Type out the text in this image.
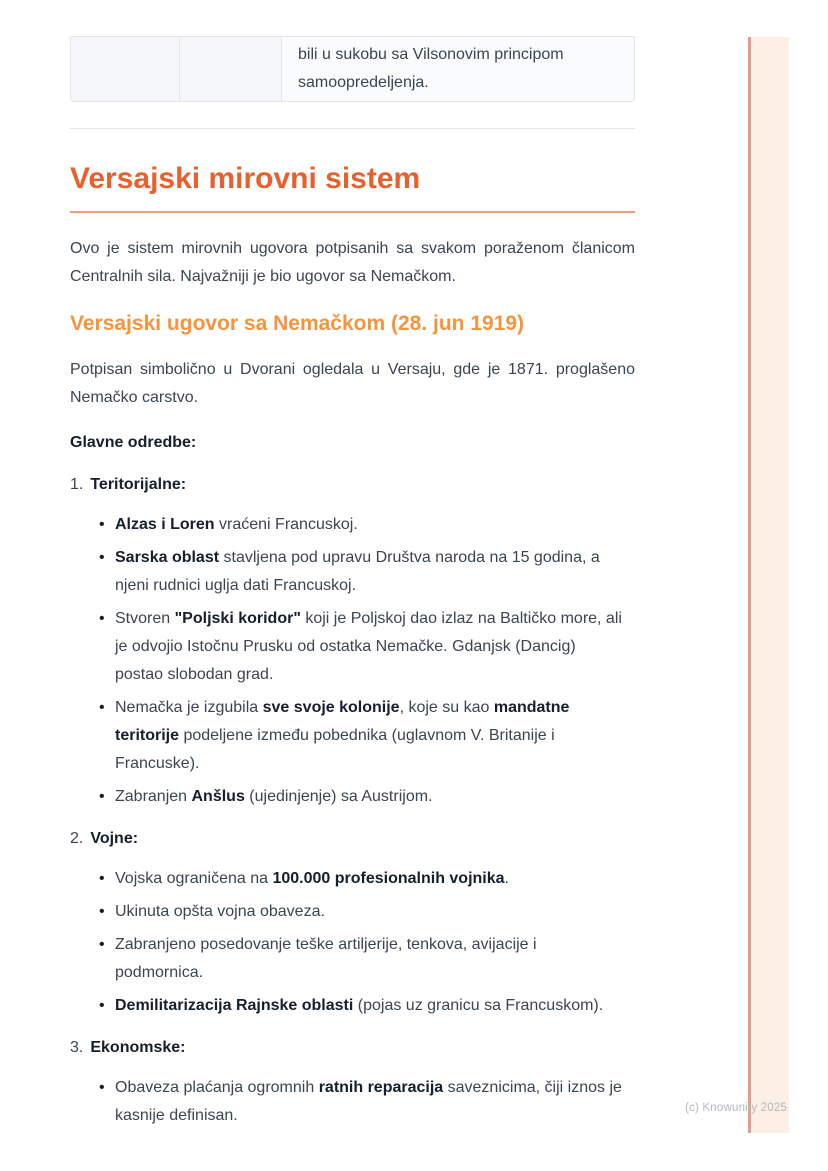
(c) Knowunity 2025
bili u sukobu sa Vilsonovim principom samoopredeljenja.
Versajski mirovni sistem

Ovo je sistem mirovnih ugovora potpisanih sa svakom poraženom članicom Centralnih sila. Najvažniji je bio ugovor sa Nemačkom.

Versajski ugovor sa Nemačkom (28. jun 1919)

Potpisan simbolično u Dvorani ogledala u Versaju, gde je 1871. proglašeno Nemačko carstvo.

Glavne odredbe:

1. Teritorijalne:
• Alzas i Loren vraćeni Francuskoj.
• Sarska oblast stavljena pod upravu Društva naroda na 15 godina, a njeni rudnici uglja dati Francuskoj.
• Stvoren "Poljski koridor" koji je Poljskoj dao izlaz na Baltičko more, ali je odvojio Istočnu Prusku od ostatka Nemačke. Gdanjsk (Dancig) postao slobodan grad.
• Nemačka je izgubila sve svoje kolonije, koje su kao mandatne teritorije podeljene između pobednika (uglavnom V. Britanije i Francuske).
• Zabranjen Anšlus (ujedinjenje) sa Austrijom.
2. Vojne:
• Vojska ograničena na 100.000 profesionalnih vojnika.
• Ukinuta opšta vojna obaveza.
• Zabranjeno posedovanje teške artiljerije, tenkova, avijacije i podmornica.
• Demilitarizacija Rajnske oblasti (pojas uz granicu sa Francuskom).
3. Ekonomske:
• Obaveza plaćanja ogromnih ratnih reparacija saveznicima, čiji iznos je kasnije definisan.
